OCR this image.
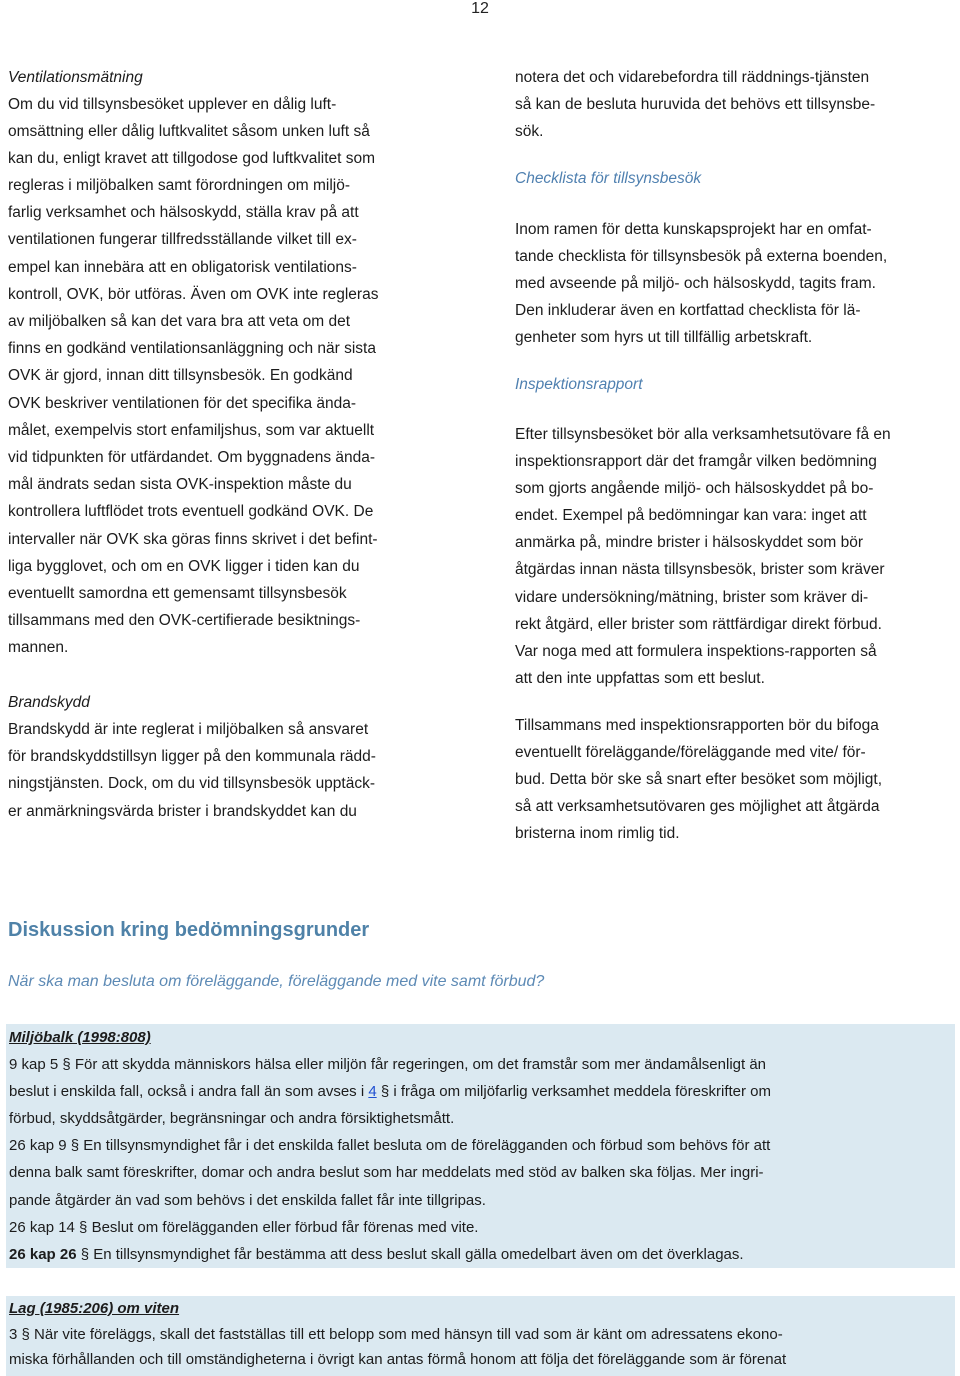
12
Ventilationsmätning
Om du vid tillsynsbesöket upplever en dålig luft-
omsättning eller dålig luftkvalitet såsom unken luft så
kan du, enligt kravet att tillgodose god luftkvalitet som
regleras i miljöbalken samt förordningen om miljö-
farlig verksamhet och hälsoskydd, ställa krav på att
ventilationen fungerar tillfredsställande vilket till ex-
empel kan innebära att en obligatorisk ventilations-
kontroll, OVK, bör utföras. Även om OVK inte regleras
av miljöbalken så kan det vara bra att veta om det
finns en godkänd ventilationsanläggning och när sista
OVK är gjord, innan ditt tillsynsbesök. En godkänd
OVK beskriver ventilationen för det specifika ända-
målet, exempelvis stort enfamiljshus, som var aktuellt
vid tidpunkten för utfärdandet. Om byggnadens ända-
mål ändrats sedan sista OVK-inspektion måste du
kontrollera luftflödet trots eventuell godkänd OVK. De
intervaller när OVK ska göras finns skrivet i det befint-
liga bygglovet, och om en OVK ligger i tiden kan du
eventuellt samordna ett gemensamt tillsynsbesök
tillsammans med den OVK-certifierade besiktnings-
mannen.
Brandskydd
Brandskydd är inte reglerat i miljöbalken så ansvaret
för brandskyddstillsyn ligger på den kommunala rädd-
ningstjänsten. Dock, om du vid tillsynsbesök upptäck-
er anmärkningsvärda brister i brandskyddet kan du
notera det och vidarebefordra till räddnings-tjänsten
så kan de besluta huruvida det behövs ett tillsynsbe-
sök.
Checklista för tillsynsbesök
Inom ramen för detta kunskapsprojekt har en omfat-
tande checklista för tillsynsbesök på externa boenden,
med avseende på miljö- och hälsoskydd, tagits fram.
Den inkluderar även en kortfattad checklista för lä-
genheter som hyrs ut till tillfällig arbetskraft.
Inspektionsrapport
Efter tillsynsbesöket bör alla verksamhetsutövare få en
inspektionsrapport där det framgår vilken bedömning
som gjorts angående miljö- och hälsoskyddet på bo-
endet. Exempel på bedömningar kan vara: inget att
anmärka på, mindre brister i hälsoskyddet som bör
åtgärdas innan nästa tillsynsbesök, brister som kräver
vidare undersökning/mätning, brister som kräver di-
rekt åtgärd, eller brister som rättfärdigar direkt förbud.
Var noga med att formulera inspektions-rapporten så
att den inte uppfattas som ett beslut.
Tillsammans med inspektionsrapporten bör du bifoga
eventuellt föreläggande/föreläggande med vite/ för-
bud. Detta bör ske så snart efter besöket som möjligt,
så att verksamhetsutövaren ges möjlighet att åtgärda
bristerna inom rimlig tid.
Diskussion kring bedömningsgrunder
När ska man besluta om föreläggande, föreläggande med vite samt förbud?
Miljöbalk (1998:808)
9 kap 5 § För att skydda människors hälsa eller miljön får regeringen, om det framstår som mer ändamålsenligt än
beslut i enskilda fall, också i andra fall än som avses i 4 § i fråga om miljöfarlig verksamhet meddela föreskrifter om
förbud, skyddsåtgärder, begränsningar och andra försiktighetsmått.
26 kap 9 § En tillsynsmyndighet får i det enskilda fallet besluta om de förelägganden och förbud som behövs för att
denna balk samt föreskrifter, domar och andra beslut som har meddelats med stöd av balken ska följas. Mer ingri-
pande åtgärder än vad som behövs i det enskilda fallet får inte tillgripas.
26 kap 14 § Beslut om förelägganden eller förbud får förenas med vite.
26 kap 26 § En tillsynsmyndighet får bestämma att dess beslut skall gälla omedelbart även om det överklagas.
Lag (1985:206) om viten
3 § När vite föreläggs, skall det fastställas till ett belopp som med hänsyn till vad som är känt om adressatens ekono-
miska förhållanden och till omständigheterna i övrigt kan antas förmå honom att följa det föreläggande som är förenat
